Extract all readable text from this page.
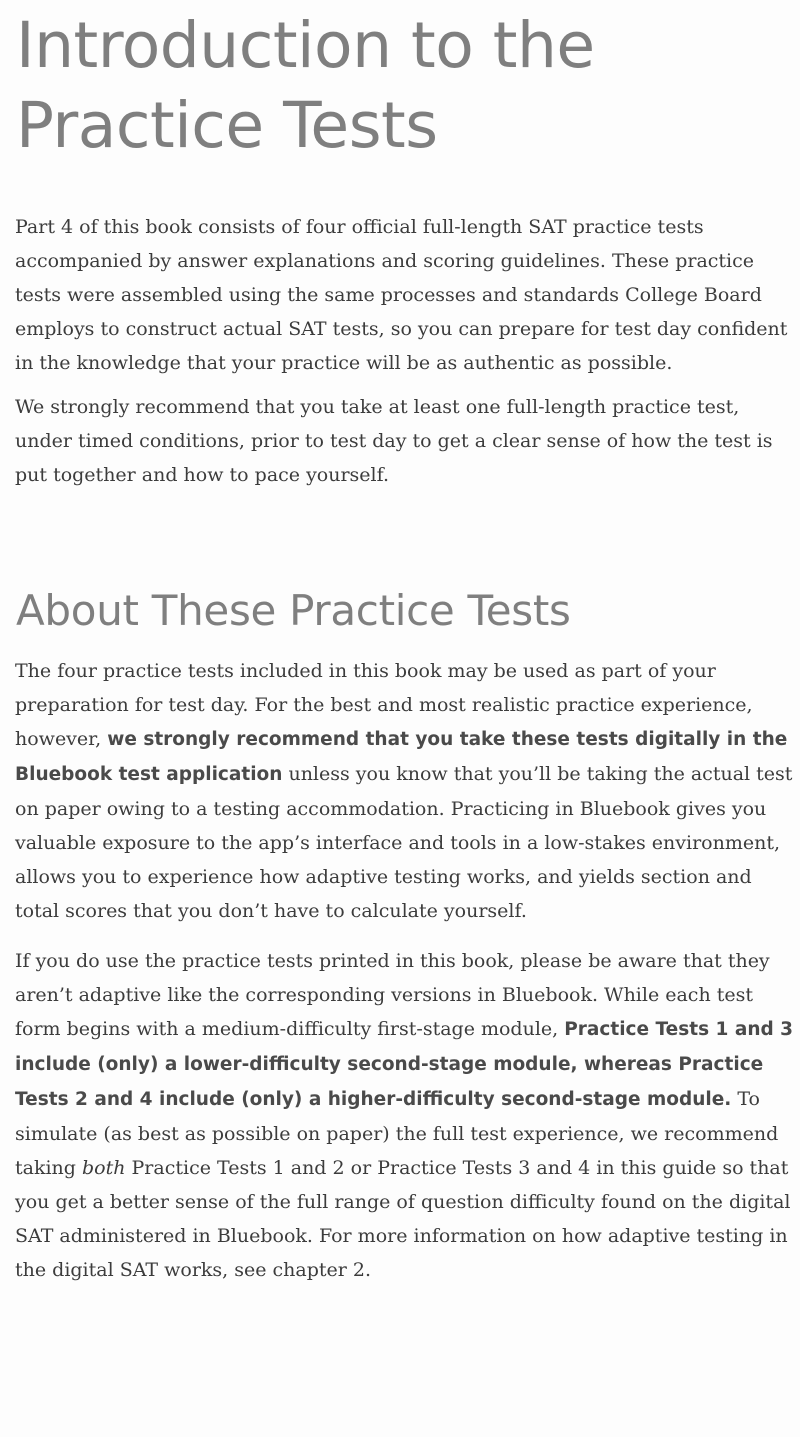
Introduction to the
Practice Tests

Part 4 of this book consists of four official full-length SAT practice tests accompanied by answer explanations and scoring guidelines. These practice tests were assembled using the same processes and standards College Board employs to construct actual SAT tests, so you can prepare for test day confident in the knowledge that your practice will be as authentic as possible.

We strongly recommend that you take at least one full-length practice test, under timed conditions, prior to test day to get a clear sense of how the test is put together and how to pace yourself.

About These Practice Tests

The four practice tests included in this book may be used as part of your preparation for test day. For the best and most realistic practice experience, however, we strongly recommend that you take these tests digitally in the Bluebook test application unless you know that you’ll be taking the actual test on paper owing to a testing accommodation. Practicing in Bluebook gives you valuable exposure to the app’s interface and tools in a low-stakes environment, allows you to experience how adaptive testing works, and yields section and total scores that you don’t have to calculate yourself.

If you do use the practice tests printed in this book, please be aware that they aren’t adaptive like the corresponding versions in Bluebook. While each test form begins with a medium-difficulty first-stage module, Practice Tests 1 and 3 include (only) a lower-difficulty second-stage module, whereas Practice Tests 2 and 4 include (only) a higher-difficulty second-stage module. To simulate (as best as possible on paper) the full test experience, we recommend taking both Practice Tests 1 and 2 or Practice Tests 3 and 4 in this guide so that you get a better sense of the full range of question difficulty found on the digital SAT administered in Bluebook. For more information on how adaptive testing in the digital SAT works, see chapter 2.
